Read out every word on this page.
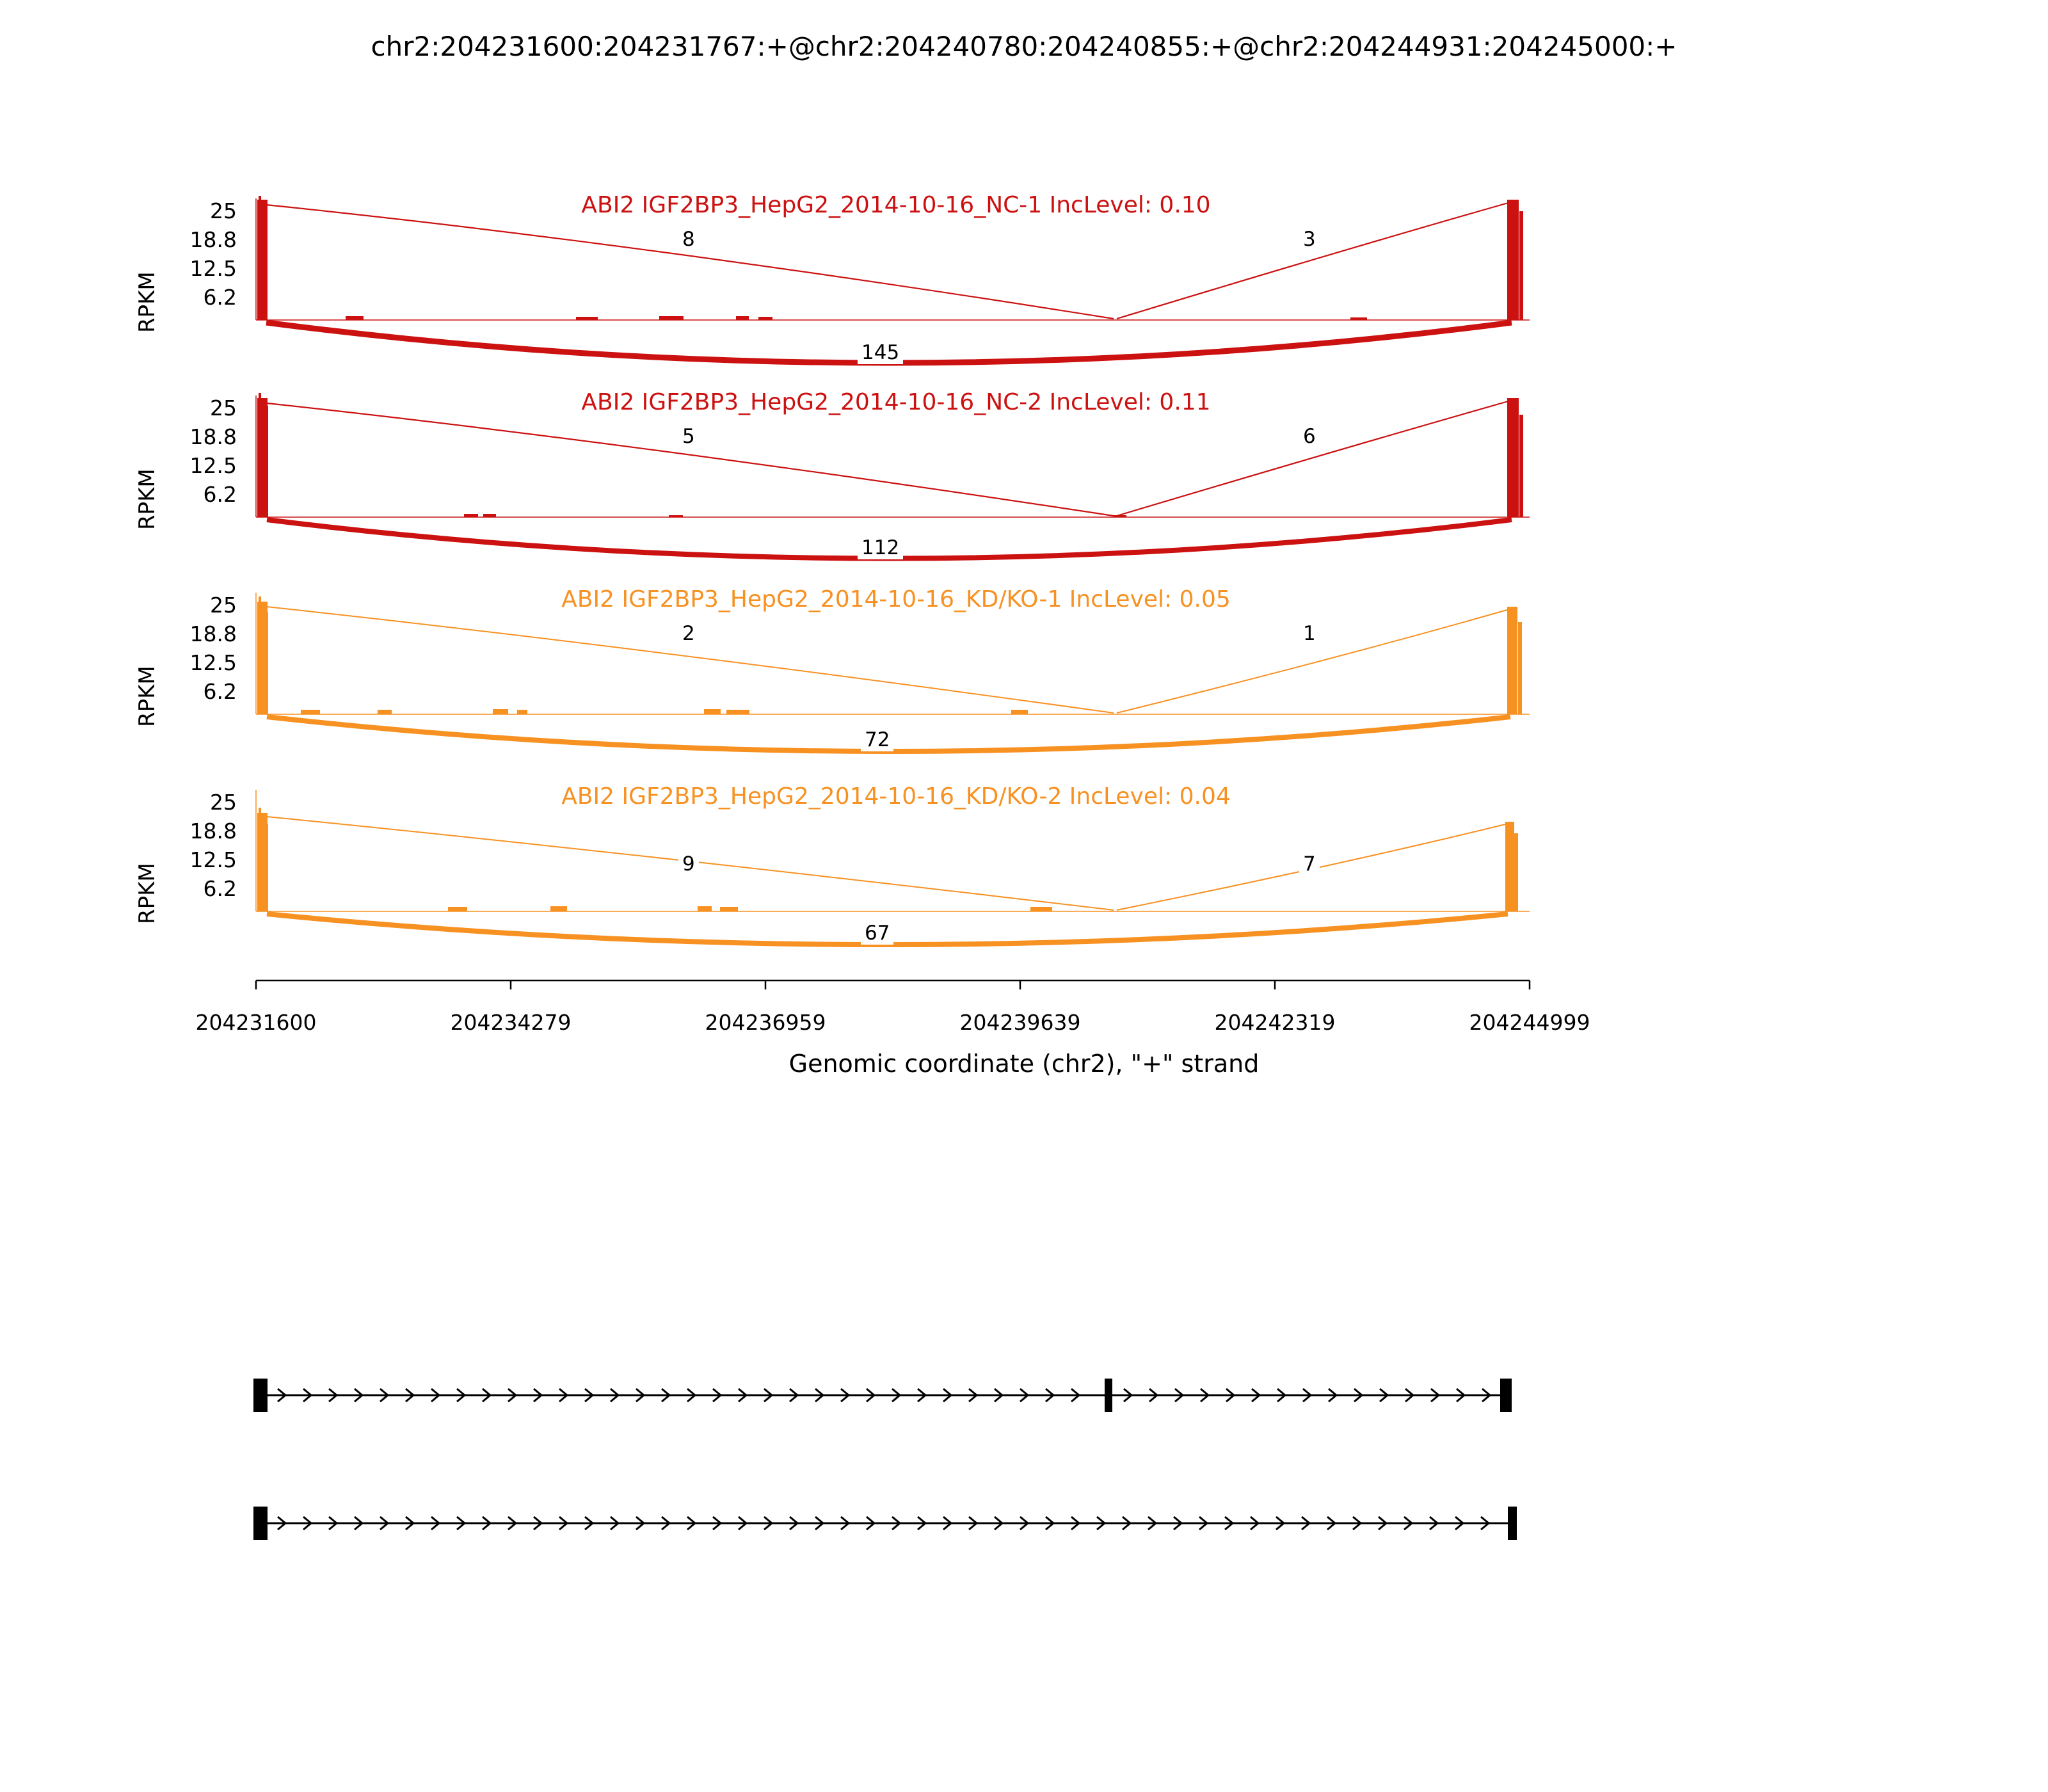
chr2:204231600:204231767:+@chr2:204240780:204240855:+@chr2:204244931:204245000:+
ABI2 IGF2BP3_HepG2_2014-10-16_NC-1 IncLevel: 0.10
RPKM
25
18.8
12.5
6.2
8	3
145
ABI2 IGF2BP3_HepG2_2014-10-16_NC-2 IncLevel: 0.11
RPKM
25
18.8
12.5
6.2
5	6
112
ABI2 IGF2BP3_HepG2_2014-10-16_KD/KO-1 IncLevel: 0.05
RPKM
25
18.8
12.5
6.2
2	1
72
ABI2 IGF2BP3_HepG2_2014-10-16_KD/KO-2 IncLevel: 0.04
RPKM
25
18.8
12.5
6.2
9	7
67
204231600	204234279	204236959	204239639	204242319	204244999
Genomic coordinate (chr2), "+" strand
